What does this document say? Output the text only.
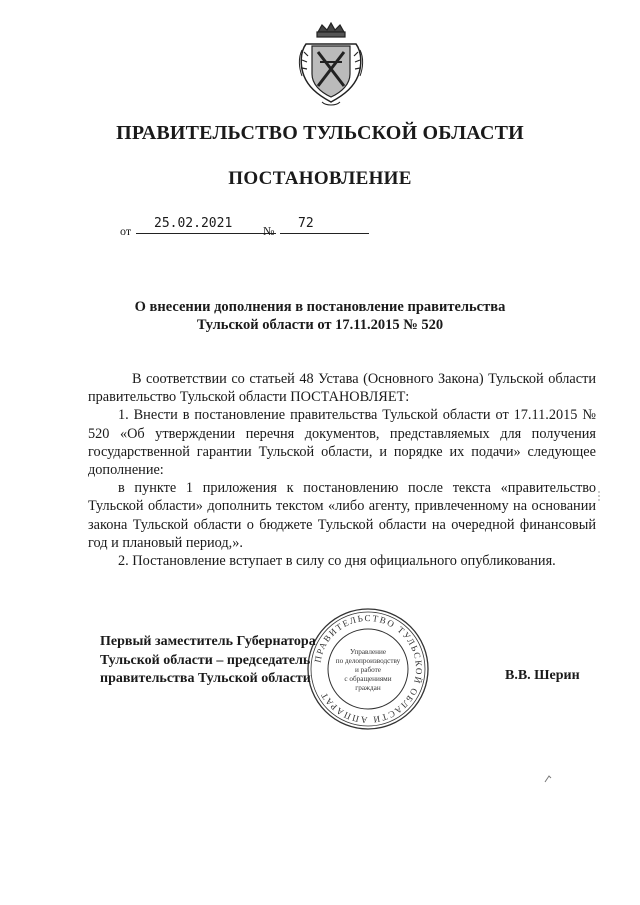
ПРАВИТЕЛЬСТВО ТУЛЬСКОЙ ОБЛАСТИ
ПОСТАНОВЛЕНИЕ
от	25.02.2021	№	72
О внесении дополнения в постановление правительства
Тульской области от 17.11.2015 № 520

В соответствии со статьей 48 Устава (Основного Закона) Тульской области правительство Тульской области ПОСТАНОВЛЯЕТ:

1. Внести в постановление правительства Тульской области от 17.11.2015 № 520 «Об утверждении перечня документов, представляемых для получения государственной гарантии Тульской области, и порядке их подачи» следующее дополнение:

в пункте 1 приложения к постановлению после текста «правительство Тульской области» дополнить текстом «либо агенту, привлеченному на основании закона Тульской области о бюджете Тульской области на очередной финансовый год и плановый период,».

2. Постановление вступает в силу со дня официального опубликования.

ПРАВИТЕЛЬСТВО ТУЛЬСКОЙ ОБЛАСТИ АППАРАТ
Управление
по делопроизводству
и работе
с обращениями
граждан
Первый заместитель Губернатора
Тульской области – председатель
правительства Тульской области	В.В. Шерин
